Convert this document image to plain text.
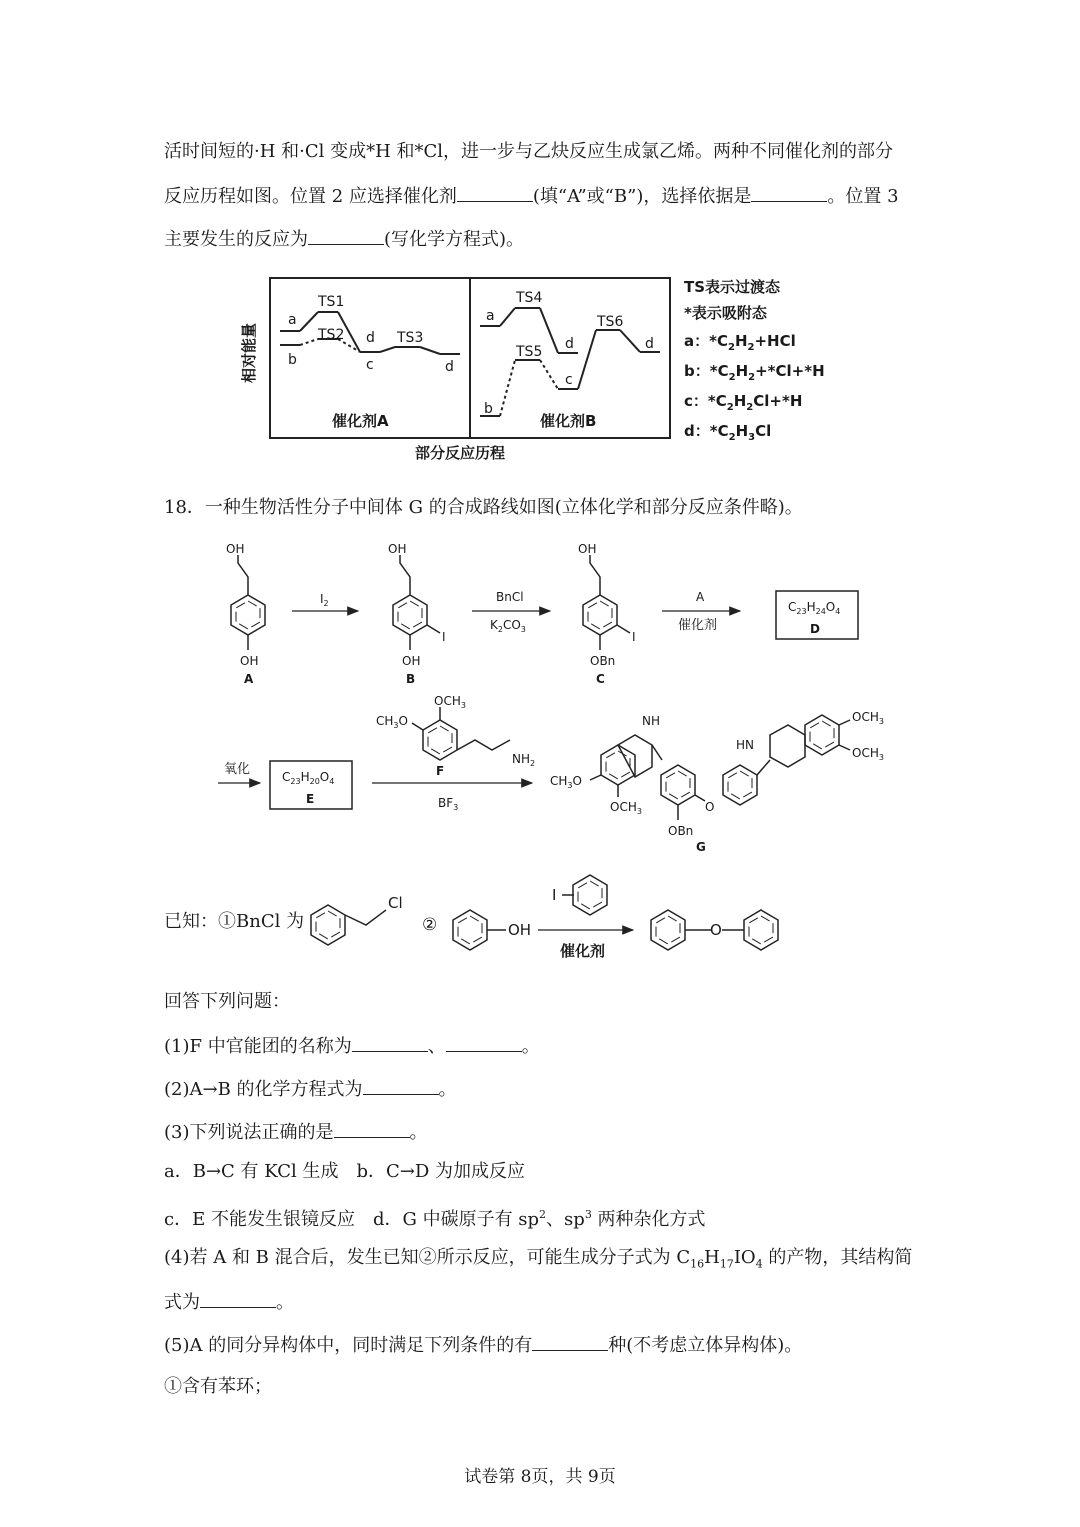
活时间短的·H 和·Cl 变成*H 和*Cl，进一步与乙炔反应生成氯乙烯。两种不同催化剂的部分
反应历程如图。位置 2 应选择催化剂	(填“A”或“B”)，选择依据是	。位置 3
主要发生的反应为	(写化学方程式)。
相对能量
a
b
TS1
TS2 d
c
TS3
d
催化剂A
a
b
TS4
TS5 d
c
TS6
d
催化剂B
部分反应历程
TS表示过渡态
*表示吸附态
a：$*C_2H_2+HCl$
b：$*C_2H_2+*Cl+*H$
c：$*C_2H_2Cl+*H$
d：$*C_2H_3Cl$
18．一种生物活性分子中间体 G 的合成路线如图(立体化学和部分反应条件略)。
OH
OH
A
$I_2$
OH
OH
I
B
BnCl
$K_2CO_3$
OH
OBn
I
C
A
催化剂
$C_{23}H_{24}O_4$
D
氧化	$C_{23}H_{20}O_4$
E
$OCH_3$
$CH_3O$
$NH_2$
F
$BF_3$
NH
$CH_3O$
$OCH_3$
OBn
O
HN
$OCH_3$
$OCH_3$
G
已知：①BnCl 为
Cl
②	OH
I
催化剂
O
回答下列问题：
(1)F 中官能团的名称为	、	。
(2)A→B 的化学方程式为	。
(3)下列说法正确的是	。
a．B→C 有 KCl 生成　b．C→D 为加成反应
c．E 不能发生银镜反应　d．G 中碳原子有 $sp^2$、$sp^3$ 两种杂化方式
(4)若 A 和 B 混合后，发生已知②所示反应，可能生成分子式为 $C_{16}H_{17}IO_4$ 的产物，其结构简
式为	。
(5)A 的同分异构体中，同时满足下列条件的有	种(不考虑立体异构体)。
①含有苯环；
试卷第 8页，共 9页
